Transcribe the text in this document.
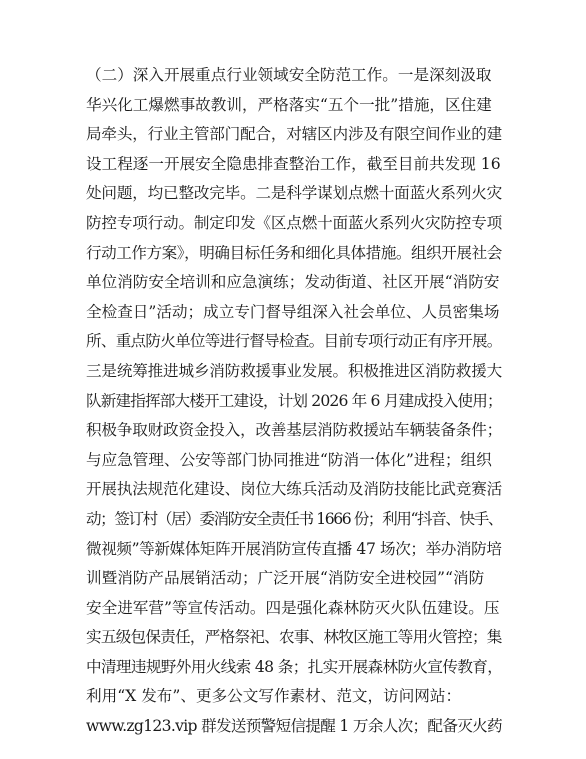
（二）深入开展重点行业领域安全防范工作。一是深刻汲取
华兴化工爆燃事故教训，严格落实“五个一批”措施，区住建
局牵头，行业主管部门配合，对辖区内涉及有限空间作业的建
设工程逐一开展安全隐患排查整治工作，截至目前共发现 16
处问题，均已整改完毕。二是科学谋划点燃十面蓝火系列火灾
防控专项行动。制定印发《区点燃十面蓝火系列火灾防控专项
行动工作方案》，明确目标任务和细化具体措施。组织开展社会
单位消防安全培训和应急演练；发动街道、社区开展“消防安
全检查日”活动；成立专门督导组深入社会单位、人员密集场
所、重点防火单位等进行督导检查。目前专项行动正有序开展。
三是统筹推进城乡消防救援事业发展。积极推进区消防救援大
队新建指挥部大楼开工建设，计划 2026 年 6 月建成投入使用；
积极争取财政资金投入，改善基层消防救援站车辆装备条件；
与应急管理、公安等部门协同推进“防消一体化”进程；组织
开展执法规范化建设、岗位大练兵活动及消防技能比武竞赛活
动；签订村（居）委消防安全责任书 1666 份；利用“抖音、快手、
微视频”等新媒体矩阵开展消防宣传直播 47 场次；举办消防培
训暨消防产品展销活动；广泛开展“消防安全进校园”“消防
安全进军营”等宣传活动。四是强化森林防灭火队伍建设。压
实五级包保责任，严格祭祀、农事、林牧区施工等用火管控；集
中清理违规野外用火线索 48 条；扎实开展森林防火宣传教育，
利用“X 发布”、更多公文写作素材、范文，访问网站：
www.zg123.vip 群发送预警短信提醒 1 万余人次；配备灭火药
